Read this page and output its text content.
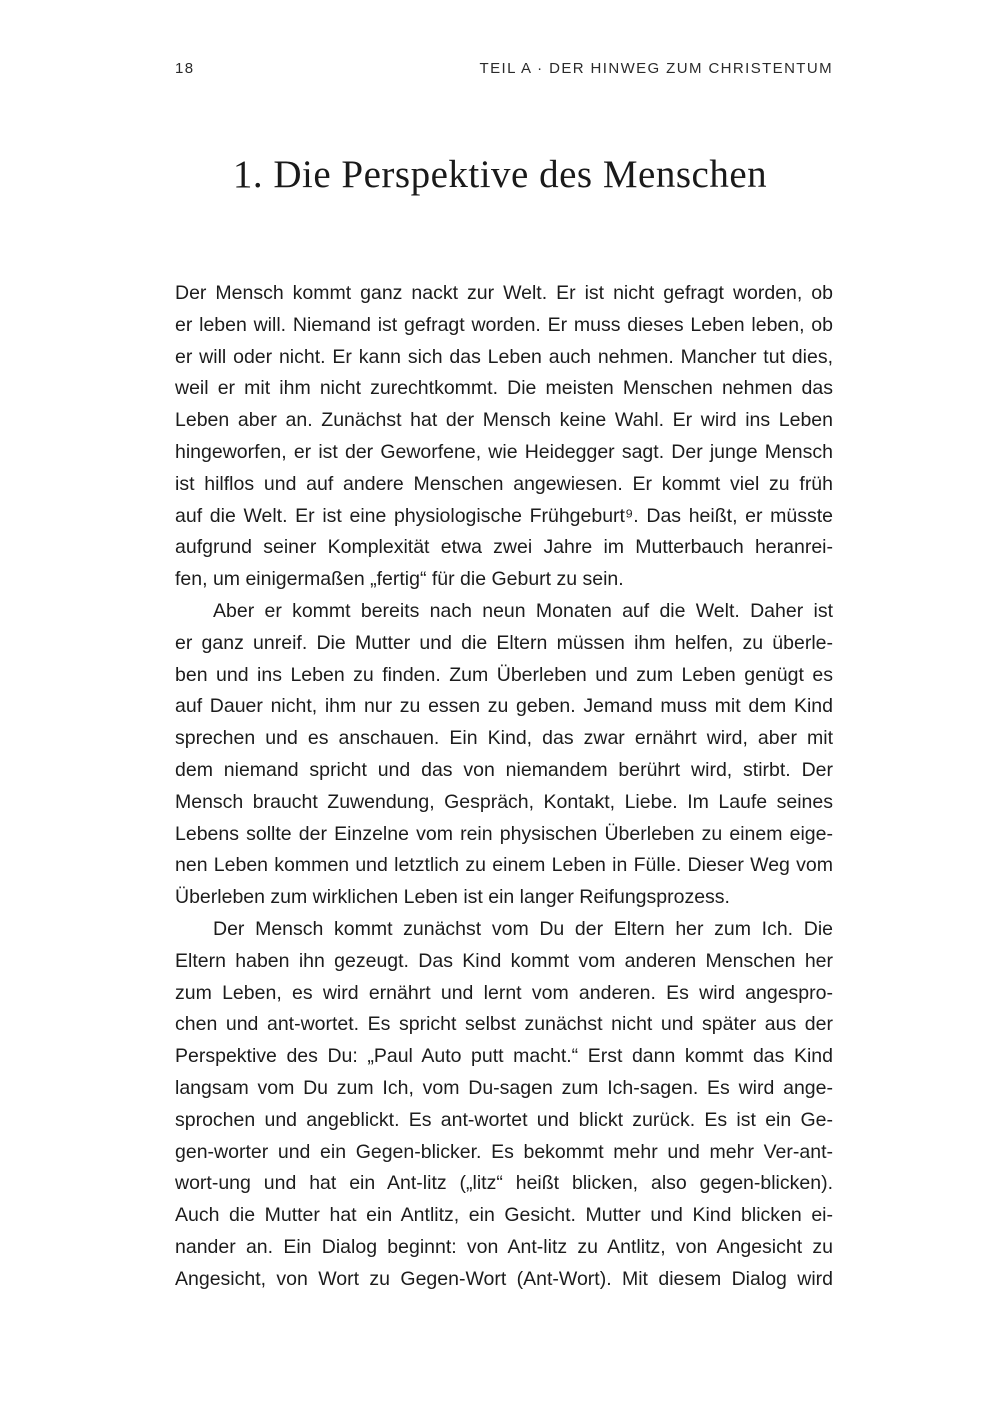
18	TEIL A · DER HINWEG ZUM CHRISTENTUM
1. Die Perspektive des Menschen

Der Mensch kommt ganz nackt zur Welt. Er ist nicht gefragt worden, ob
er leben will. Niemand ist gefragt worden. Er muss dieses Leben leben, ob
er will oder nicht. Er kann sich das Leben auch nehmen. Mancher tut dies,
weil er mit ihm nicht zurechtkommt. Die meisten Menschen nehmen das
Leben aber an. Zunächst hat der Mensch keine Wahl. Er wird ins Leben
hingeworfen, er ist der Geworfene, wie Heidegger sagt. Der junge Mensch
ist hilflos und auf andere Menschen angewiesen. Er kommt viel zu früh
auf die Welt. Er ist eine physiologische Frühgeburt⁹. Das heißt, er müsste
aufgrund seiner Komplexität etwa zwei Jahre im Mutterbauch heranrei-
fen, um einigermaßen „fertig“ für die Geburt zu sein.

Aber er kommt bereits nach neun Monaten auf die Welt. Daher ist
er ganz unreif. Die Mutter und die Eltern müssen ihm helfen, zu überle-
ben und ins Leben zu finden. Zum Überleben und zum Leben genügt es
auf Dauer nicht, ihm nur zu essen zu geben. Jemand muss mit dem Kind
sprechen und es anschauen. Ein Kind, das zwar ernährt wird, aber mit
dem niemand spricht und das von niemandem berührt wird, stirbt. Der
Mensch braucht Zuwendung, Gespräch, Kontakt, Liebe. Im Laufe seines
Lebens sollte der Einzelne vom rein physischen Überleben zu einem eige-
nen Leben kommen und letztlich zu einem Leben in Fülle. Dieser Weg vom
Überleben zum wirklichen Leben ist ein langer Reifungsprozess.

Der Mensch kommt zunächst vom Du der Eltern her zum Ich. Die
Eltern haben ihn gezeugt. Das Kind kommt vom anderen Menschen her
zum Leben, es wird ernährt und lernt vom anderen. Es wird angespro-
chen und ant-wortet. Es spricht selbst zunächst nicht und später aus der
Perspektive des Du: „Paul Auto putt macht.“ Erst dann kommt das Kind
langsam vom Du zum Ich, vom Du-sagen zum Ich-sagen. Es wird ange-
sprochen und angeblickt. Es ant-wortet und blickt zurück. Es ist ein Ge-
gen-worter und ein Gegen-blicker. Es bekommt mehr und mehr Ver-ant-
wort-ung und hat ein Ant-litz („litz“ heißt blicken, also gegen-blicken).
Auch die Mutter hat ein Antlitz, ein Gesicht. Mutter und Kind blicken ei-
nander an. Ein Dialog beginnt: von Ant-litz zu Antlitz, von Angesicht zu
Angesicht, von Wort zu Gegen-Wort (Ant-Wort). Mit diesem Dialog wird
